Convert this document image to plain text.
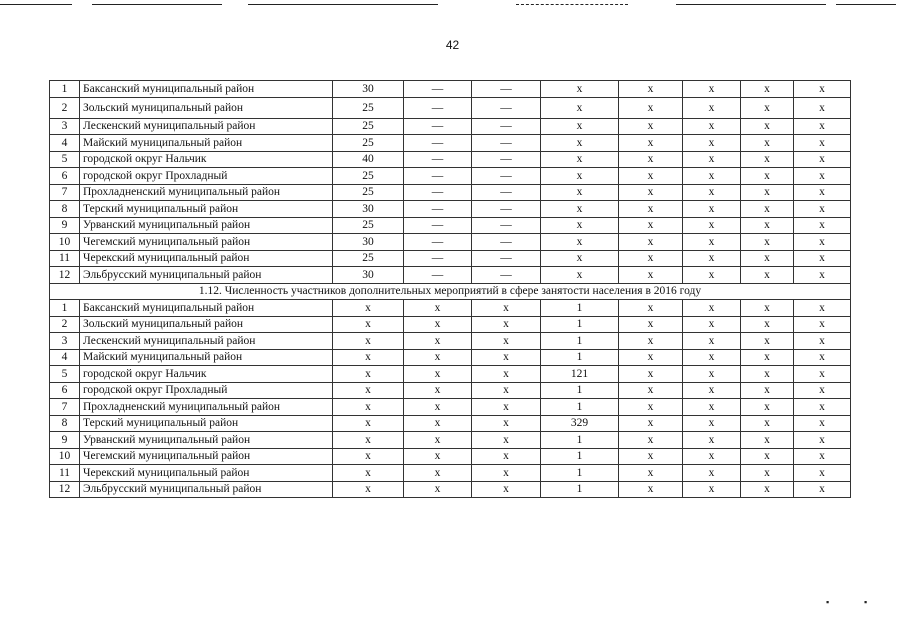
42
1	Баксанский муниципальный район	30	—	—	х	х	х	х	х
2	Зольский муниципальный район	25	—	—	х	х	х	х	х
3	Лескенский муниципальный район	25	—	—	х	х	х	х	х
4	Майский муниципальный район	25	—	—	х	х	х	х	х
5	городской округ Нальчик	40	—	—	х	х	х	х	х
6	городской округ Прохладный	25	—	—	х	х	х	х	х
7	Прохладненский муниципальный район	25	—	—	х	х	х	х	х
8	Терский муниципальный район	30	—	—	х	х	х	х	х
9	Урванский муниципальный район	25	—	—	х	х	х	х	х
10	Чегемский муниципальный район	30	—	—	х	х	х	х	х
11	Черекский муниципальный район	25	—	—	х	х	х	х	х
12	Эльбрусский муниципальный район	30	—	—	х	х	х	х	х
1.12. Численность участников дополнительных мероприятий в сфере занятости населения в 2016 году									
1	Баксанский муниципальный район	х	х	х	1	х	х	х	х
2	Зольский муниципальный район	х	х	х	1	х	х	х	х
3	Лескенский муниципальный район	х	х	х	1	х	х	х	х
4	Майский муниципальный район	х	х	х	1	х	х	х	х
5	городской округ Нальчик	х	х	х	121	х	х	х	х
6	городской округ Прохладный	х	х	х	1	х	х	х	х
7	Прохладненский муниципальный район	х	х	х	1	х	х	х	х
8	Терский муниципальный район	х	х	х	329	х	х	х	х
9	Урванский муниципальный район	х	х	х	1	х	х	х	х
10	Чегемский муниципальный район	х	х	х	1	х	х	х	х
11	Черекский муниципальный район	х	х	х	1	х	х	х	х
12	Эльбрусский муниципальный район	х	х	х	1	х	х	х	х
▪	▪
